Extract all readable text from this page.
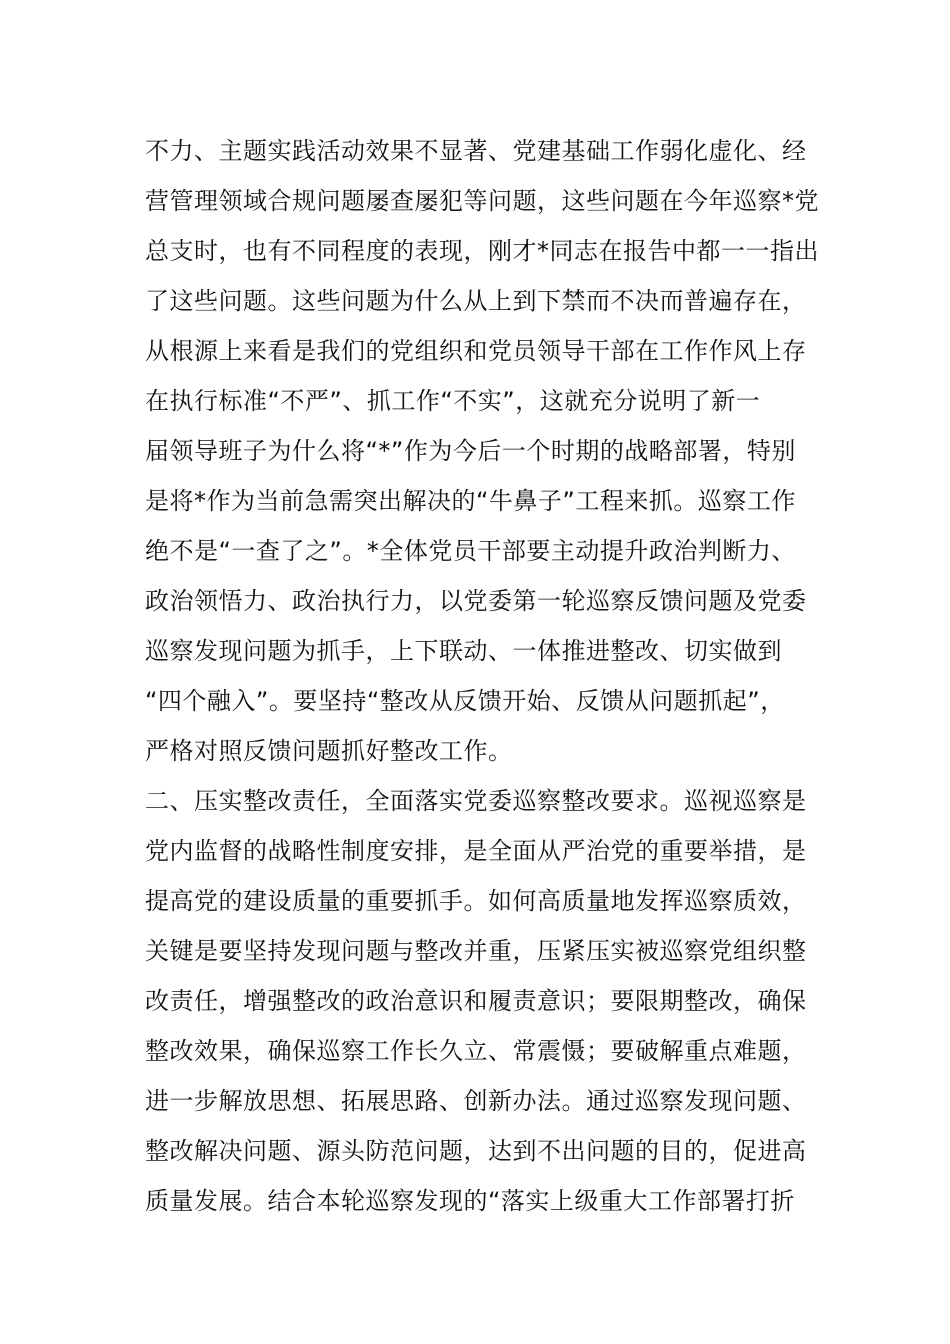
不力、主题实践活动效果不显著、党建基础工作弱化虚化、经
营管理领域合规问题屡查屡犯等问题，这些问题在今年巡察*党
总支时，也有不同程度的表现，刚才*同志在报告中都一一指出
了这些问题。这些问题为什么从上到下禁而不决而普遍存在，
从根源上来看是我们的党组织和党员领导干部在工作作风上存
在执行标准“不严”、抓工作“不实”，这就充分说明了新一
届领导班子为什么将“*”作为今后一个时期的战略部署，特别
是将*作为当前急需突出解决的“牛鼻子”工程来抓。巡察工作
绝不是“一查了之”。*全体党员干部要主动提升政治判断力、
政治领悟力、政治执行力，以党委第一轮巡察反馈问题及党委
巡察发现问题为抓手，上下联动、一体推进整改、切实做到
“四个融入”。要坚持“整改从反馈开始、反馈从问题抓起”，
严格对照反馈问题抓好整改工作。
二、压实整改责任，全面落实党委巡察整改要求。巡视巡察是
党内监督的战略性制度安排，是全面从严治党的重要举措，是
提高党的建设质量的重要抓手。如何高质量地发挥巡察质效，
关键是要坚持发现问题与整改并重，压紧压实被巡察党组织整
改责任，增强整改的政治意识和履责意识；要限期整改，确保
整改效果，确保巡察工作长久立、常震慑；要破解重点难题，
进一步解放思想、拓展思路、创新办法。通过巡察发现问题、
整改解决问题、源头防范问题，达到不出问题的目的，促进高
质量发展。结合本轮巡察发现的“落实上级重大工作部署打折
